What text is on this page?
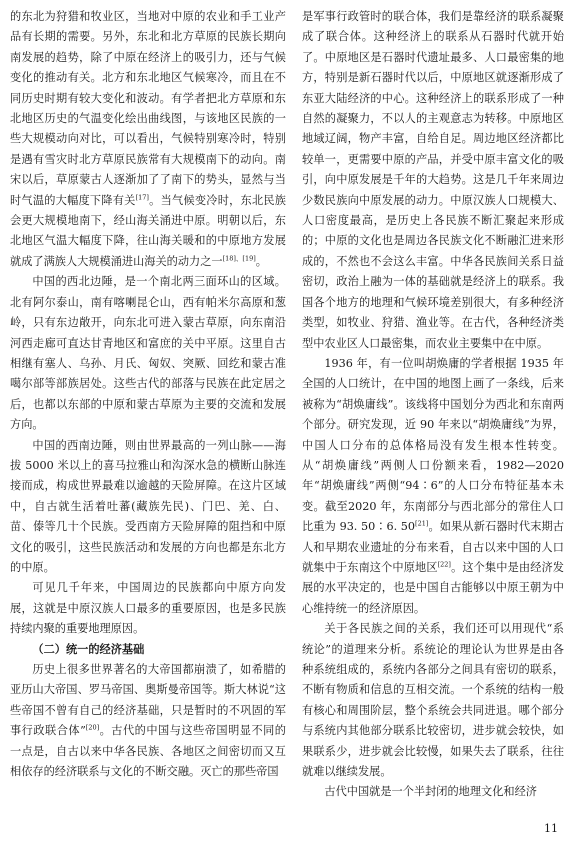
的东北为狩猎和牧业区，当地对中原的农业和手工业产品有长期的需要。另外，东北和北方草原的民族长期向南发展的趋势，除了中原在经济上的吸引力，还与气候变化的推动有关。北方和东北地区气候寒冷，而且在不同历史时期有较大变化和波动。有学者把北方草原和东北地区历史的气温变化绘出曲线图，与该地区民族的一些大规模动向对比，可以看出，气候特别寒冷时，特别是遇有雪灾时北方草原民族常有大规模南下的动向。南宋以后，草原蒙古人逐渐加了了南下的势头，显然与当时气温的大幅度下降有关[17]。当气候变冷时，东北民族会更大规模地南下，经山海关涌进中原。明朝以后，东北地区气温大幅度下降，往山海关暖和的中原地方发展就成了满族人大规模涌进山海关的动力之一[18]、[19]。

中国的西北边陲，是一个南北两三面环山的区域。北有阿尔泰山，南有喀喇昆仑山，西有帕米尔高原和葱岭，只有东边敞开，向东北可进入蒙古草原，向东南沿河西走廊可直达甘青地区和富庶的关中平原。这里自古相继有塞人、乌孙、月氏、匈奴、突厥、回纥和蒙古准噶尔部等部族居处。这些古代的部落与民族在此定居之后，也都以东部的中原和蒙古草原为主要的交流和发展方向。

中国的西南边陲，则由世界最高的一列山脉——海拔 5000 米以上的喜马拉雅山和沟深水急的横断山脉连接而成，构成世界最难以逾越的天险屏障。在这片区域中，自古就生活着吐蕃(藏族先民)、门巴、羌、白、苗、傣等几十个民族。受西南方天险屏障的阻挡和中原文化的吸引，这些民族活动和发展的方向也都是东北方的中原。

可见几千年来，中国周边的民族都向中原方向发展，这就是中原汉族人口最多的重要原因，也是多民族持续内聚的重要地理原因。

（二）统一的经济基础

历史上很多世界著名的大帝国都崩溃了，如希腊的亚历山大帝国、罗马帝国、奥斯曼帝国等。斯大林说“这些帝国不曾有自己的经济基础，只是暂时的不巩固的军事行政联合体”[20]。古代的中国与这些帝国明显不同的一点是，自古以来中华各民族、各地区之间密切而又互相依存的经济联系与文化的不断交融。灭亡的那些帝国

是军事行政管时的联合体，我们是靠经济的联系凝聚成了联合体。这种经济上的联系从石器时代就开始了。中原地区是石器时代遗址最多、人口最密集的地方，特别是新石器时代以后，中原地区就逐渐形成了东亚大陆经济的中心。这种经济上的联系形成了一种自然的凝聚力，不以人的主观意志为转移。中原地区地域辽阔，物产丰富，自给自足。周边地区经济都比较单一，更需要中原的产品，并受中原丰富文化的吸引，向中原发展是千年的大趋势。这是几千年来周边少数民族向中原发展的动力。中原汉族人口规模大、人口密度最高，是历史上各民族不断汇聚起来形成的；中原的文化也是周边各民族文化不断融汇进来形成的，不然也不会这么丰富。中华各民族间关系日益密切，政治上融为一体的基础就是经济上的联系。我国各个地方的地理和气候环境差别很大，有多种经济类型，如牧业、狩猎、渔业等。在古代，各种经济类型中农业区人口最密集，而农业主要集中在中原。

1936 年，有一位叫胡焕庸的学者根据 1935 年全国的人口统计，在中国的地图上画了一条线，后来被称为“胡焕庸线”。该线将中国划分为西北和东南两个部分。研究发现，近 90 年来以“胡焕庸线”为界，中国人口分布的总体格局没有发生根本性转变。从“胡焕庸线”两侧人口份额来看，1982—2020 年“胡焕庸线”两侧“94∶6”的人口分布特征基本未变。截至2020 年，东南部分与西北部分的常住人口比重为 93. 50∶6. 50[21]。如果从新石器时代末期古人和早期农业遗址的分布来看，自古以来中国的人口就集中于东南这个中原地区[22]。这个集中是由经济发展的水平决定的，也是中国自古能够以中原王朝为中心维持统一的经济原因。

关于各民族之间的关系，我们还可以用现代“系统论”的道理来分析。系统论的理论认为世界是由各种系统组成的，系统内各部分之间具有密切的联系，不断有物质和信息的互相交流。一个系统的结构一般有核心和周围阶层，整个系统会共同进退。哪个部分与系统内其他部分联系比较密切，进步就会较快，如果联系少，进步就会比较慢，如果失去了联系，往往就难以继续发展。

古代中国就是一个半封闭的地理文化和经济

11
